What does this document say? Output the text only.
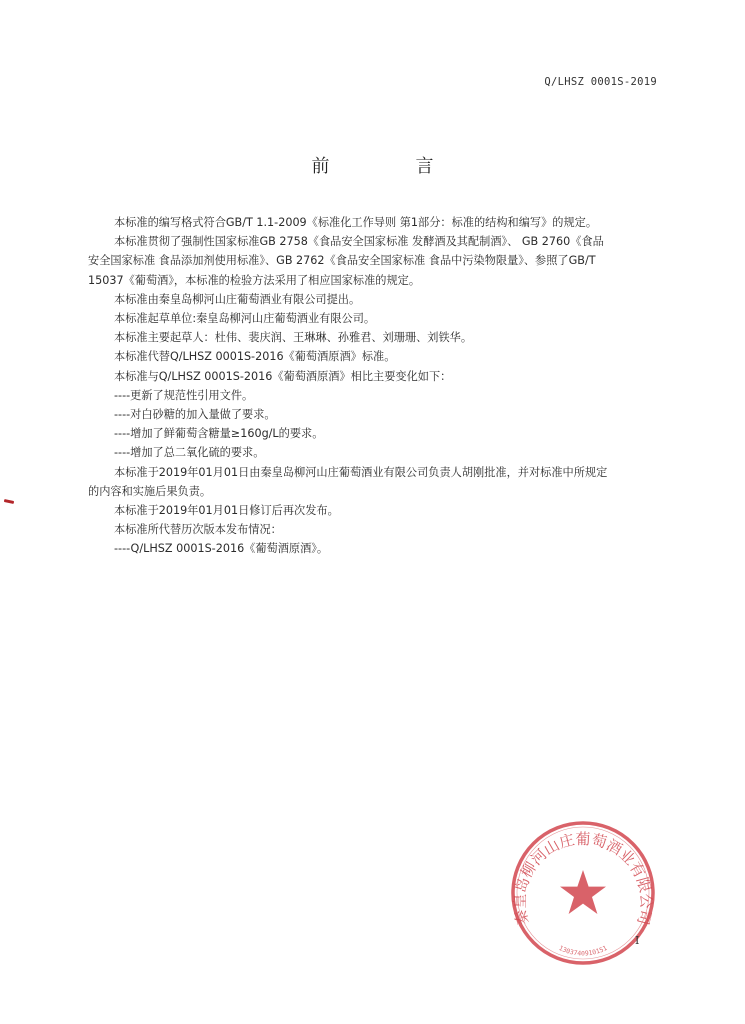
Q/LHSZ 0001S-2019
前言

本标准的编写格式符合GB/T 1.1-2009《标准化工作导则 第1部分：标准的结构和编写》的规定。

本标准贯彻了强制性国家标准GB 2758《食品安全国家标准 发酵酒及其配制酒》、 GB 2760《食品

安全国家标准 食品添加剂使用标准》、GB 2762《食品安全国家标准 食品中污染物限量》、参照了GB/T

15037《葡萄酒》，本标准的检验方法采用了相应国家标准的规定。

本标准由秦皇岛柳河山庄葡萄酒业有限公司提出。

本标准起草单位:秦皇岛柳河山庄葡萄酒业有限公司。

本标准主要起草人：杜伟、裴庆润、王琳琳、孙雅君、刘珊珊、刘铁华。

本标准代替Q/LHSZ 0001S-2016《葡萄酒原酒》标准。

本标准与Q/LHSZ 0001S-2016《葡萄酒原酒》相比主要变化如下：

----更新了规范性引用文件。

----对白砂糖的加入量做了要求。

----增加了鲜葡萄含糖量≥160g/L的要求。

----增加了总二氧化硫的要求。

本标准于2019年01月01日由秦皇岛柳河山庄葡萄酒业有限公司负责人胡刚批准，并对标准中所规定

的内容和实施后果负责。

本标准于2019年01月01日修订后再次发布。

本标准所代替历次版本发布情况：

----Q/LHSZ 0001S-2016《葡萄酒原酒》。

秦皇岛柳河山庄葡萄酒业有限公司
1303740910151
I
